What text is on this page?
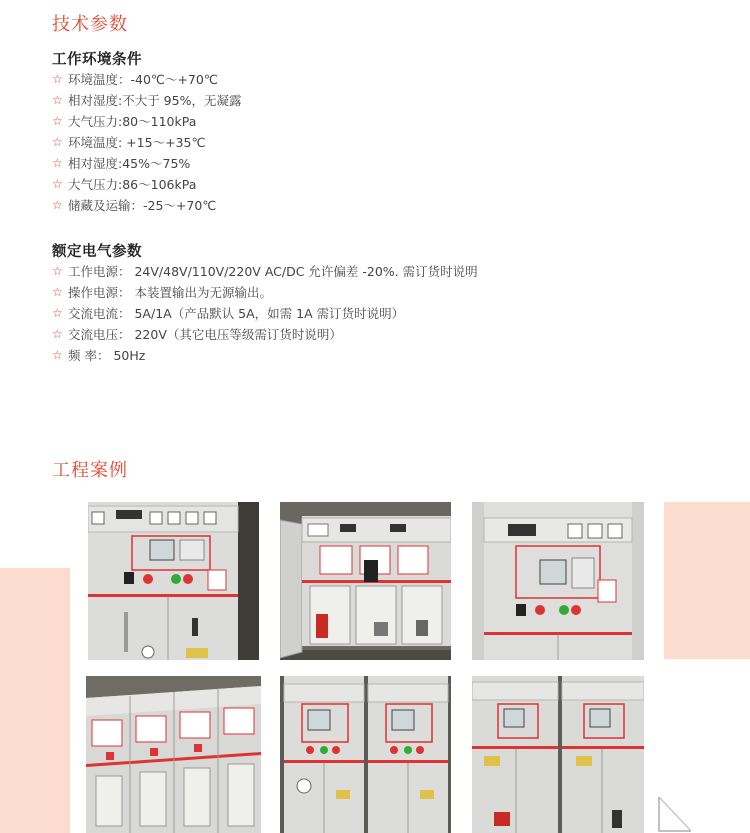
技术参数
工作环境条件
☆ 环境温度：-40℃～+70℃
☆ 相对湿度:不大于 95%，无凝露
☆ 大气压力:80～110kPa
☆ 环境温度: +15～+35℃
☆ 相对湿度:45%～75%
☆ 大气压力:86～106kPa
☆ 储藏及运输：-25～+70℃
额定电气参数
☆ 工作电源： 24V/48V/110V/220V AC/DC 允许偏差 -20%. 需订货时说明
☆ 操作电源： 本装置输出为无源输出。
☆ 交流电流： 5A/1A（产品默认 5A，如需 1A 需订货时说明）
☆ 交流电压： 220V（其它电压等级需订货时说明）
☆ 频 率： 50Hz
工程案例
